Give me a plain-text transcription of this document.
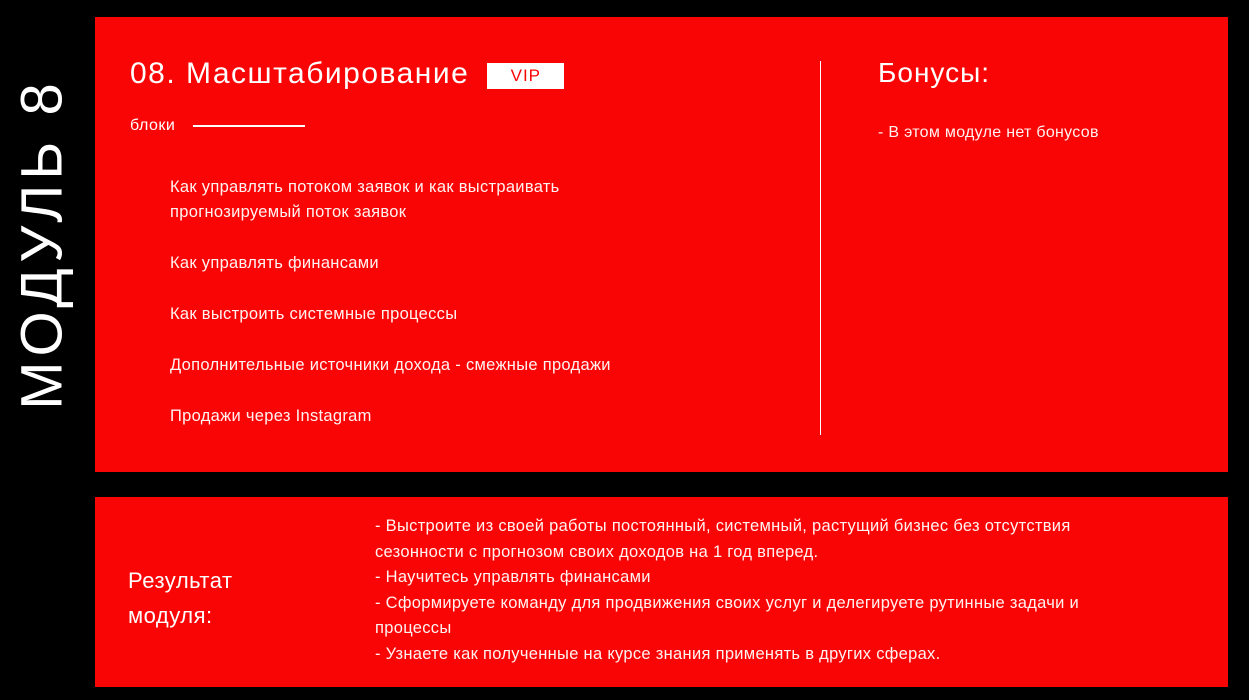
МОДУЛЬ 8
08. Масштабирование	VIP
блоки
Как управлять потоком заявок и как выстраивать прогнозируемый поток заявок
Как управлять финансами
Как выстроить системные процессы
Дополнительные источники дохода - смежные продажи
Продажи через Instagram
Бонусы:
- В этом модуле нет бонусов
Результат модуля:
- Выстроите из своей работы постоянный, системный, растущий бизнес без отсутствия сезонности с прогнозом своих доходов на 1 год вперед.
- Научитесь управлять финансами
- Сформируете команду для продвижения своих услуг и делегируете рутинные задачи и процессы
- Узнаете как полученные на курсе знания применять в других сферах.
